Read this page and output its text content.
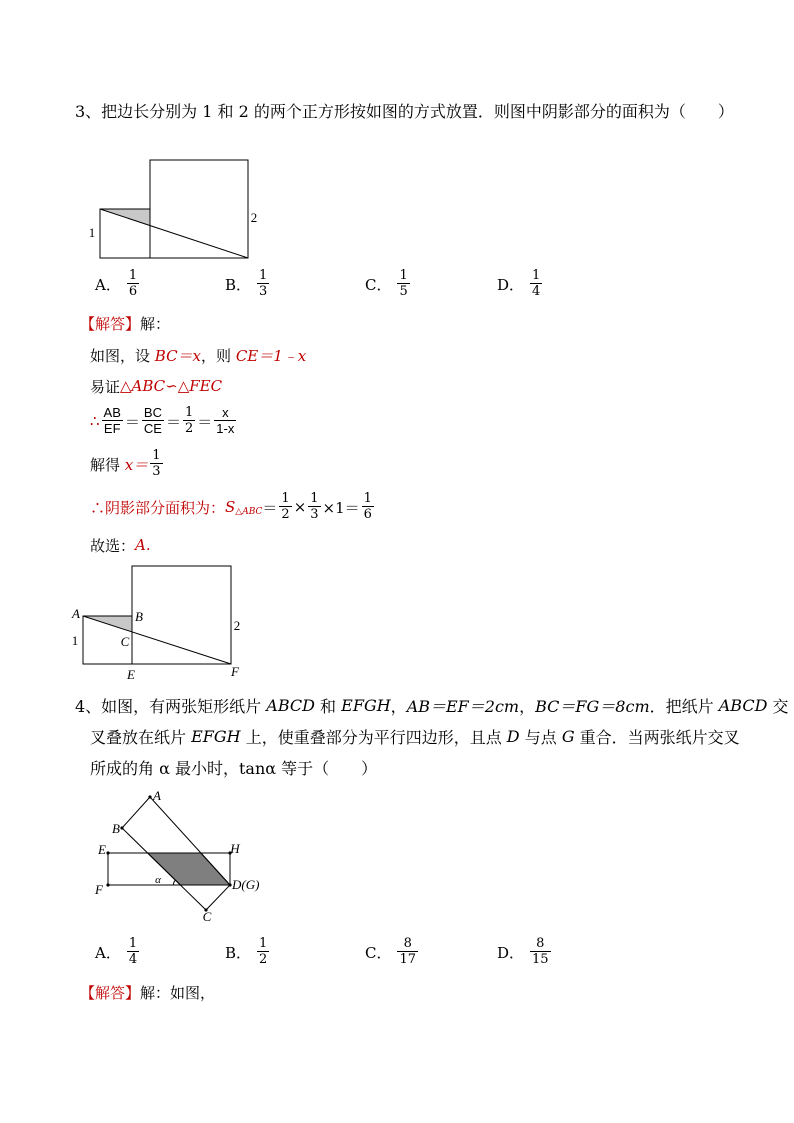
3、把边长分别为 1 和 2 的两个正方形按如图的方式放置．则图中阴影部分的面积为（　　）
1
2
A． $\frac{1}{6}$	B． $\frac{1}{3}$	C． $\frac{1}{5}$	D． $\frac{1}{4}$
【解答】 解：
如图，设 BC＝x ，则 CE＝1﹣x
易证 △ABC∽△FEC
∴ $\frac{AB}{EF} = \frac{BC}{CE} = \frac{1}{2} = \frac{x}{1-x}$
解得 $x= \frac{1}{3}$
∴阴影部分面积为： S △ABC ＝ $\frac{1}{2} \times \frac{1}{3} \times 1= \frac{1}{6}$
故选： A.
A	B
C
E	F
1
2
4、如图，有两张矩形纸片 ABCD 和 EFGH ， AB＝EF＝2cm ， BC＝FG＝8cm ．把纸片 ABCD 交
叉叠放在纸片 EFGH 上，使重叠部分为平行四边形，且点 D 与点 G 重合．当两张纸片交叉
所成的角 α 最小时，tanα 等于（　　）
A
B
E	H
F	D(G)
C
α
A． $\frac{1}{4}$	B． $\frac{1}{2}$	C． $\frac{8}{17}$	D． $\frac{8}{15}$
【解答】 解：如图，
